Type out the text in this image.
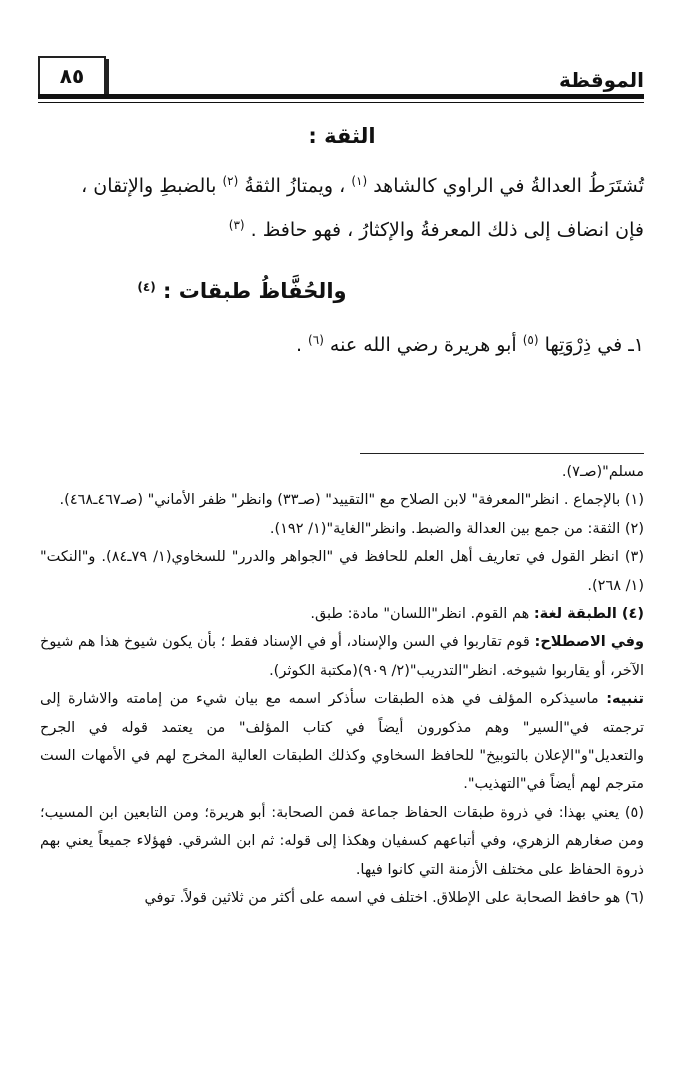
٨٥	الموقظة
الثقة :

تُشتَرَطُ العدالةُ في الراوي كالشاهد $^{(١)}$ ، ويمتازُ الثقةُ $^{(٢)}$ بالضبطِ والإتقان ،

فإن انضاف إلى ذلك المعرفةُ والإكثارُ ، فهو حافظ . $^{(٣)}$

والحُفَّاظُ طبقات : $^{(٤)}$

١ـ في ذِرْوَتِها $^{(٥)}$ أبو هريرة رضي الله عنه $^{(٦)}$ .

مسلم"(صـ٧).

(١) بالإجماع . انظر"المعرفة" لابن الصلاح مع "التقييد" (صـ٣٣) وانظر" ظفر الأماني" (صـ٤٦٧ـ٤٦٨).

(٢) الثقة: من جمع بين العدالة والضبط. وانظر"الغاية"(١/ ١٩٢).

(٣) انظر القول في تعاريف أهل العلم للحافظ في "الجواهر والدرر" للسخاوي(١/ ٧٩ـ٨٤). و"النكت"(١/ ٢٦٨).

(٤) الطبقة لغة: هم القوم. انظر"اللسان" مادة: طبق.

وفي الاصطلاح: قوم تقاربوا في السن والإسناد، أو في الإسناد فقط ؛ بأن يكون شيوخ هذا هم شيوخ الآخر، أو يقاربوا شيوخه. انظر"التدريب"(٢/ ٩٠٩)(مكتبة الكوثر).

تنبيه: ماسيذكره المؤلف في هذه الطبقات سأذكر اسمه مع بيان شيء من إمامته والاشارة إلى ترجمته في"السير" وهم مذكورون أيضاً في كتاب المؤلف" من يعتمد قوله في الجرح والتعديل"و"الإعلان بالتوبيخ" للحافظ السخاوي وكذلك الطبقات العالية المخرج لهم في الأمهات الست مترجم لهم أيضاً في"التهذيب".

(٥) يعني بهذا: في ذروة طبقات الحفاظ جماعة فمن الصحابة: أبو هريرة؛ ومن التابعين ابن المسيب؛ ومن صغارهم الزهري، وفي أتباعهم كسفيان وهكذا إلى قوله: ثم ابن الشرقي. فهؤلاء جميعاً يعني بهم ذروة الحفاظ على مختلف الأزمنة التي كانوا فيها.

(٦) هو حافظ الصحابة على الإطلاق. اختلف في اسمه على أكثر من ثلاثين قولاً. توفي
